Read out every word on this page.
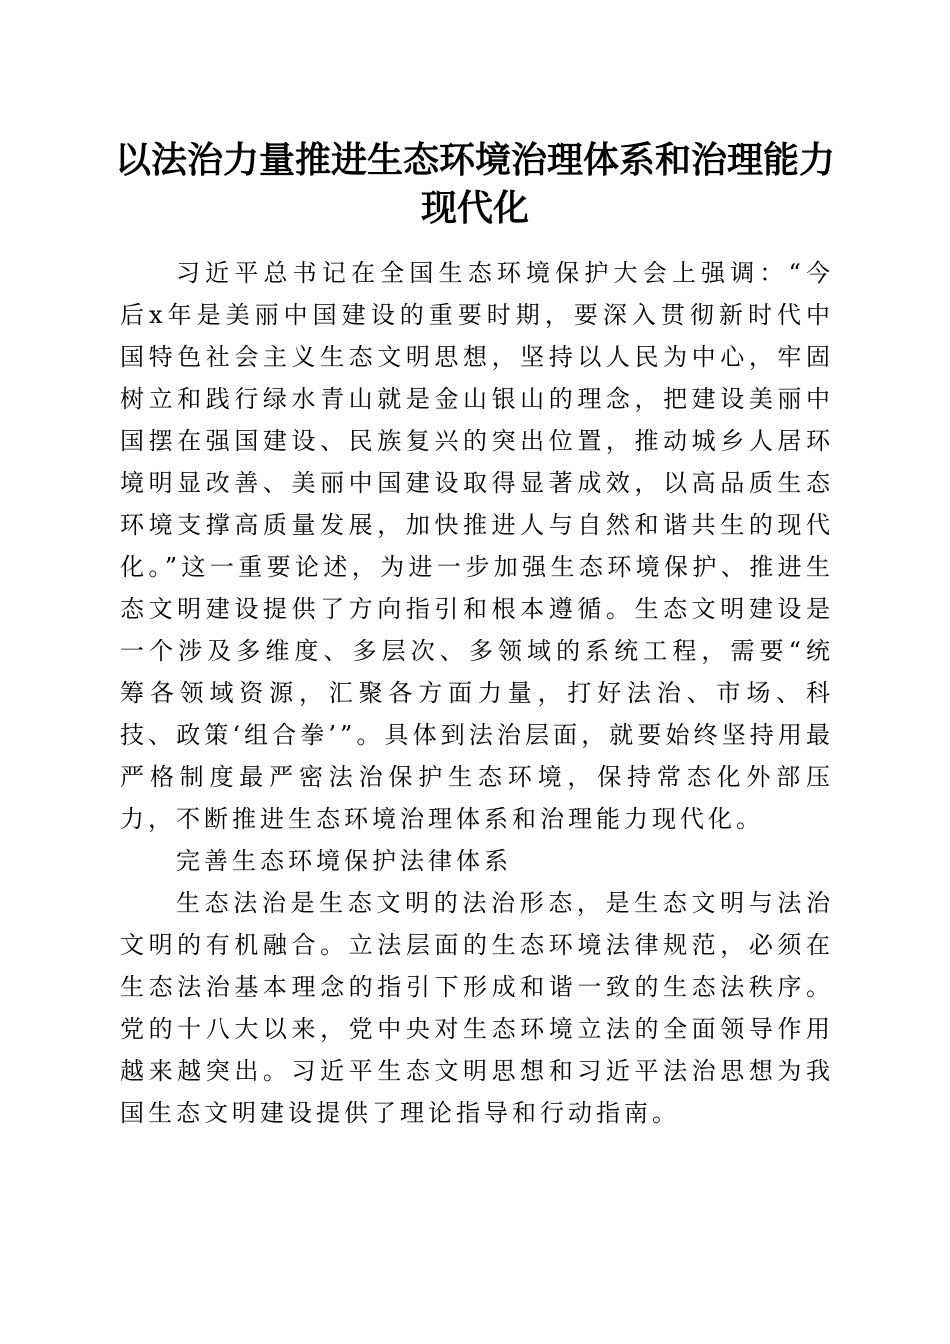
以法治力量推进生态环境治理体系和治理能力现代化

习近平总书记在全国生态环境保护大会上强调：“今后x年是美丽中国建设的重要时期，要深入贯彻新时代中国特色社会主义生态文明思想，坚持以人民为中心，牢固树立和践行绿水青山就是金山银山的理念，把建设美丽中国摆在强国建设、民族复兴的突出位置，推动城乡人居环境明显改善、美丽中国建设取得显著成效，以高品质生态环境支撑高质量发展，加快推进人与自然和谐共生的现代化。”这一重要论述，为进一步加强生态环境保护、推进生态文明建设提供了方向指引和根本遵循。生态文明建设是一个涉及多维度、多层次、多领域的系统工程，需要“统筹各领域资源，汇聚各方面力量，打好法治、市场、科技、政策‘组合拳’”。具体到法治层面，就要始终坚持用最严格制度最严密法治保护生态环境，保持常态化外部压力，不断推进生态环境治理体系和治理能力现代化。

完善生态环境保护法律体系

生态法治是生态文明的法治形态，是生态文明与法治文明的有机融合。立法层面的生态环境法律规范，必须在生态法治基本理念的指引下形成和谐一致的生态法秩序。党的十八大以来，党中央对生态环境立法的全面领导作用越来越突出。习近平生态文明思想和习近平法治思想为我国生态文明建设提供了理论指导和行动指南。
